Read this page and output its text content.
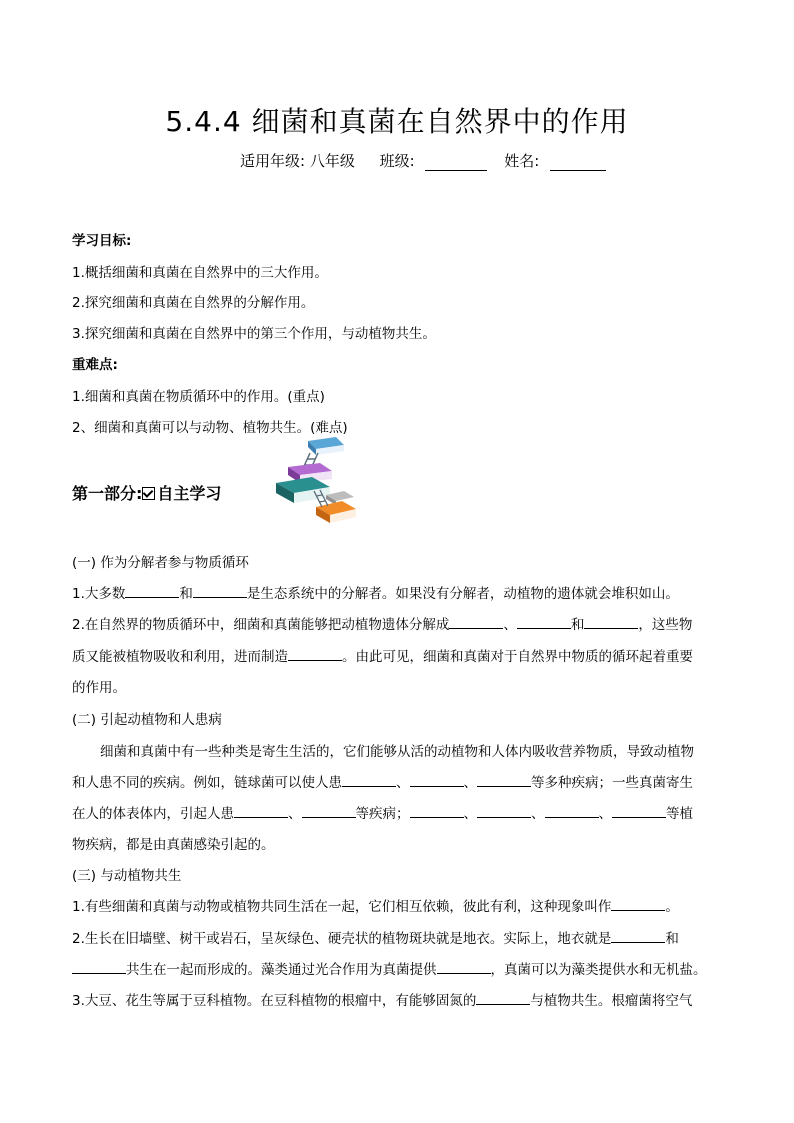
5.4.4 细菌和真菌在自然界中的作用
适用年级: 八年级 班级:	姓名:
学习目标:
1.概括细菌和真菌在自然界中的三大作用。
2.探究细菌和真菌在自然界的分解作用。
3.探究细菌和真菌在自然界中的第三个作用，与动植物共生。
重难点:
1.细菌和真菌在物质循环中的作用。(重点)
2、细菌和真菌可以与动物、植物共生。(难点)
第一部分: 自主学习
(一) 作为分解者参与物质循环
1.大多数	和	是生态系统中的分解者。如果没有分解者，动植物的遗体就会堆积如山。
2.在自然界的物质循环中，细菌和真菌能够把动植物遗体分解成	、	和	，这些物
质又能被植物吸收和利用，进而制造	。由此可见，细菌和真菌对于自然界中物质的循环起着重要
的作用。
(二) 引起动植物和人患病
细菌和真菌中有一些种类是寄生生活的，它们能够从活的动植物和人体内吸收营养物质，导致动植物
和人患不同的疾病。例如，链球菌可以使人患	、	、	等多种疾病；一些真菌寄生
在人的体表体内，引起人患	、	等疾病；	、	、	、	等植
物疾病，都是由真菌感染引起的。
(三) 与动植物共生
1.有些细菌和真菌与动物或植物共同生活在一起，它们相互依赖，彼此有利，这种现象叫作	。
2.生长在旧墙壁、树干或岩石，呈灰绿色、硬壳状的植物斑块就是地衣。实际上，地衣就是	和
共生在一起而形成的。藻类通过光合作用为真菌提供	，真菌可以为藻类提供水和无机盐。
3.大豆、花生等属于豆科植物。在豆科植物的根瘤中，有能够固氮的	与植物共生。根瘤菌将空气
